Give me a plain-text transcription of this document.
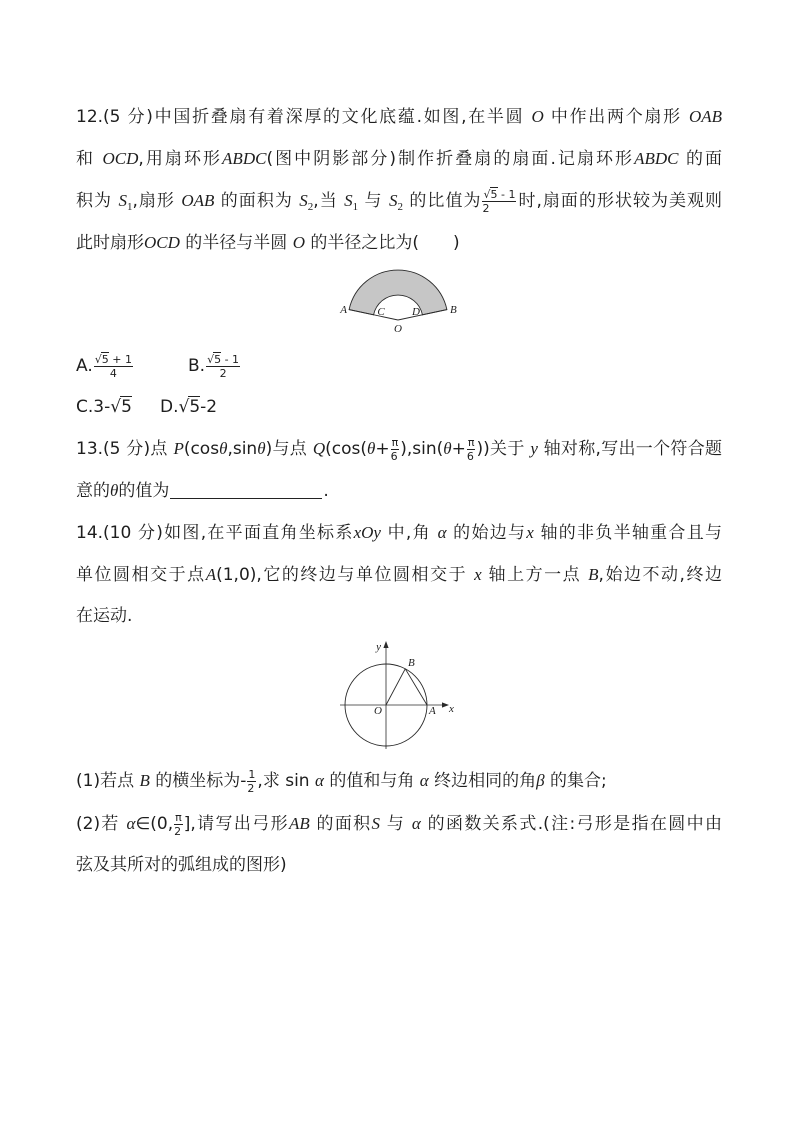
12.(5 分)中国折叠扇有着深厚的文化底蕴.如图,在半圆 O 中作出两个扇形 OAB
和 OCD,用扇环形ABDC(图中阴影部分)制作折叠扇的扇面.记扇环形ABDC 的面
积为 $S_1$,扇形 OAB 的面积为 $S_2$,当 $S_1$ 与 $S_2$ 的比值为 $\frac{√5 - 1}{2}$ 时,扇面的形状较为美观则
此时扇形OCD 的半径与半圆 O 的半径之比为(　　)
A	C
O
D	B
A. $\frac{√5 + 1}{4}$	B. $\frac{√5 - 1}{2}$
C.3-√5 D.√5-2
13.(5 分)点 P(cosθ,sinθ)与点 $Q(\cos(\theta+ \frac{\pi}{6} ),\sin(\theta+ \frac{\pi}{6}$ ))关于 y 轴对称,写出一个符合题
意的θ的值为	.
14.(10 分)如图,在平面直角坐标系xOy 中,角 α 的始边与x 轴的非负半轴重合且与
单位圆相交于点A(1,0),它的终边与单位圆相交于 x 轴上方一点 B,始边不动,终边
在运动.
y
x
O	A
B
(1)若点 B 的横坐标为- $\frac{1}{2}$ ,求 sin α 的值和与角 α 终边相同的角β 的集合;
(2)若 α∈(0, $\frac{\pi}{2}$ ],请写出弓形AB 的面积S 与 α 的函数关系式.(注:弓形是指在圆中由
弦及其所对的弧组成的图形)
